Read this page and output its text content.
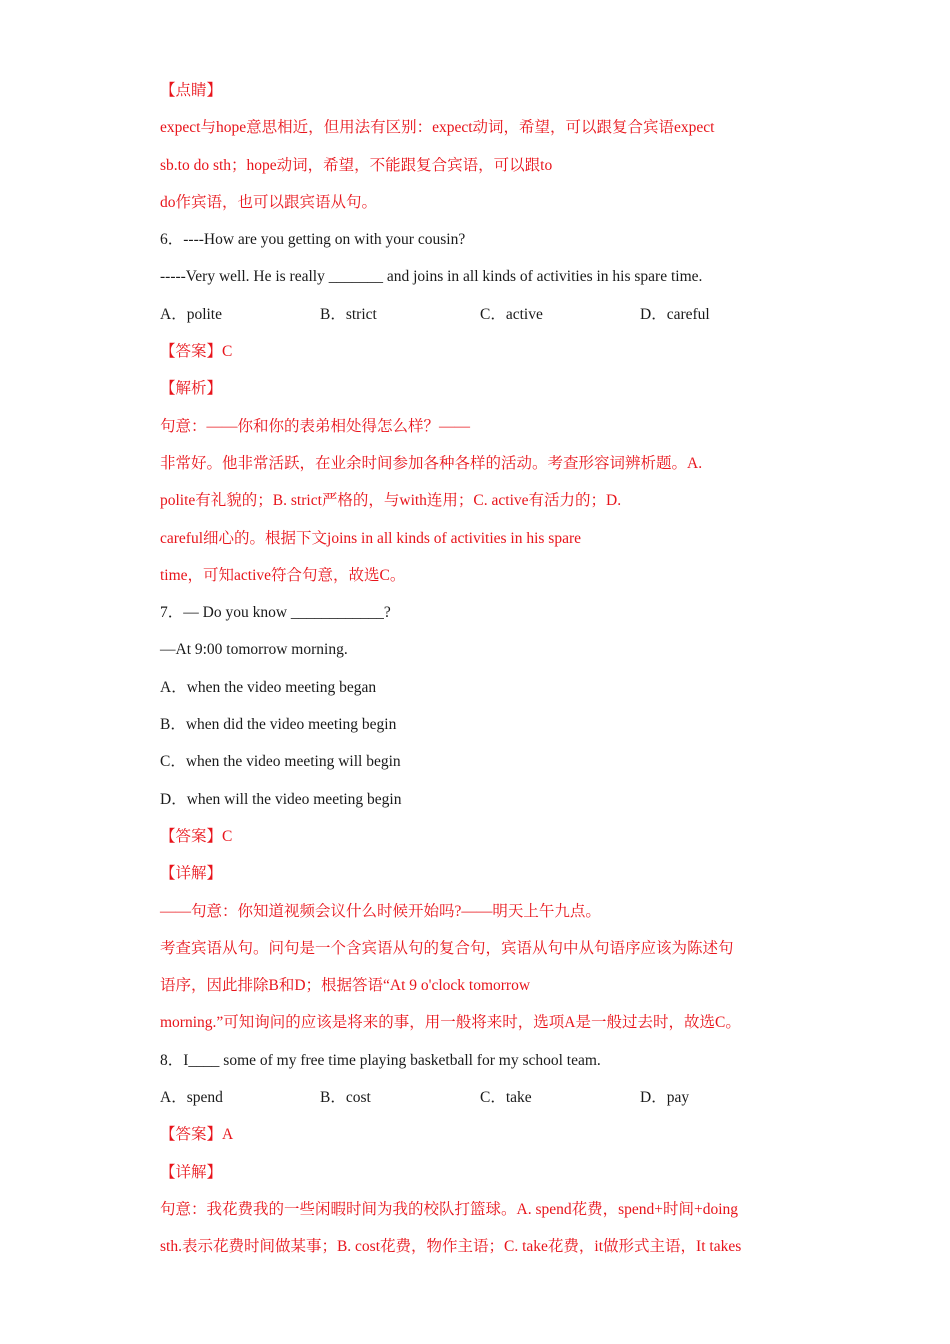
【点睛】
expect与hope意思相近，但用法有区别：expect动词，希望，可以跟复合宾语expect
sb.to do sth；hope动词，希望，不能跟复合宾语，可以跟to
do作宾语，也可以跟宾语从句。
6．----How are you getting on with your cousin?
-----Very well. He is really _______ and joins in all kinds of activities in his spare time.
A．polite	B．strict	C．active	D．careful
【答案】C
【解析】
句意：——你和你的表弟相处得怎么样？——
非常好。他非常活跃，在业余时间参加各种各样的活动。考查形容词辨析题。A.
polite有礼貌的；B. strict严格的，与with连用；C. active有活力的；D.
careful细心的。根据下文joins in all kinds of activities in his spare
time，可知active符合句意，故选C。
7．— Do you know ____________?
—At 9:00 tomorrow morning.
A．when the video meeting began
B．when did the video meeting begin
C．when the video meeting will begin
D．when will the video meeting begin
【答案】C
【详解】
——句意：你知道视频会议什么时候开始吗?——明天上午九点。
考查宾语从句。问句是一个含宾语从句的复合句，宾语从句中从句语序应该为陈述句
语序，因此排除B和D；根据答语“At 9 o'clock tomorrow
morning.”可知询问的应该是将来的事，用一般将来时，选项A是一般过去时，故选C。
8．I____ some of my free time playing basketball for my school team.
A．spend	B．cost	C．take	D．pay
【答案】A
【详解】
句意：我花费我的一些闲暇时间为我的校队打篮球。A. spend花费，spend+时间+doing
sth.表示花费时间做某事；B. cost花费，物作主语；C. take花费，it做形式主语，It takes
